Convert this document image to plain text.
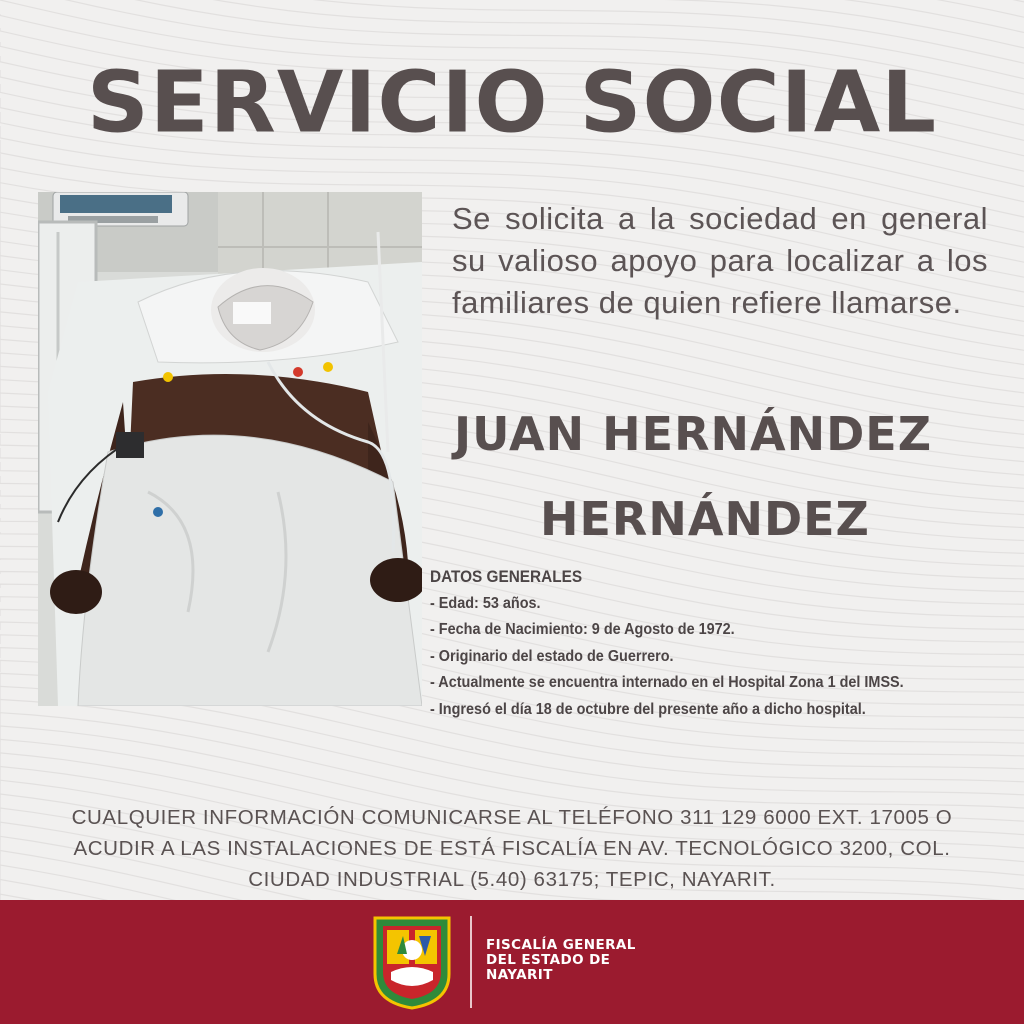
SERVICIO SOCIAL
Se solicita a la sociedad en general su valioso apoyo para localizar a los familiares de quien refiere llamarse.
JUAN HERNÁNDEZ
HERNÁNDEZ
DATOS GENERALES
- Edad: 53 años.
- Fecha de Nacimiento: 9 de Agosto de 1972.
- Originario del estado de Guerrero.
- Actualmente se encuentra internado en el Hospital Zona 1 del IMSS.
- Ingresó el día 18 de octubre del presente año a dicho hospital.
CUALQUIER INFORMACIÓN COMUNICARSE AL TELÉFONO 311 129 6000 EXT. 17005 O
ACUDIR A LAS INSTALACIONES DE ESTÁ FISCALÍA EN AV. TECNOLÓGICO 3200, COL.
CIUDAD INDUSTRIAL (5.40) 63175; TEPIC, NAYARIT.
FISCALÍA GENERAL
DEL ESTADO DE
NAYARIT
